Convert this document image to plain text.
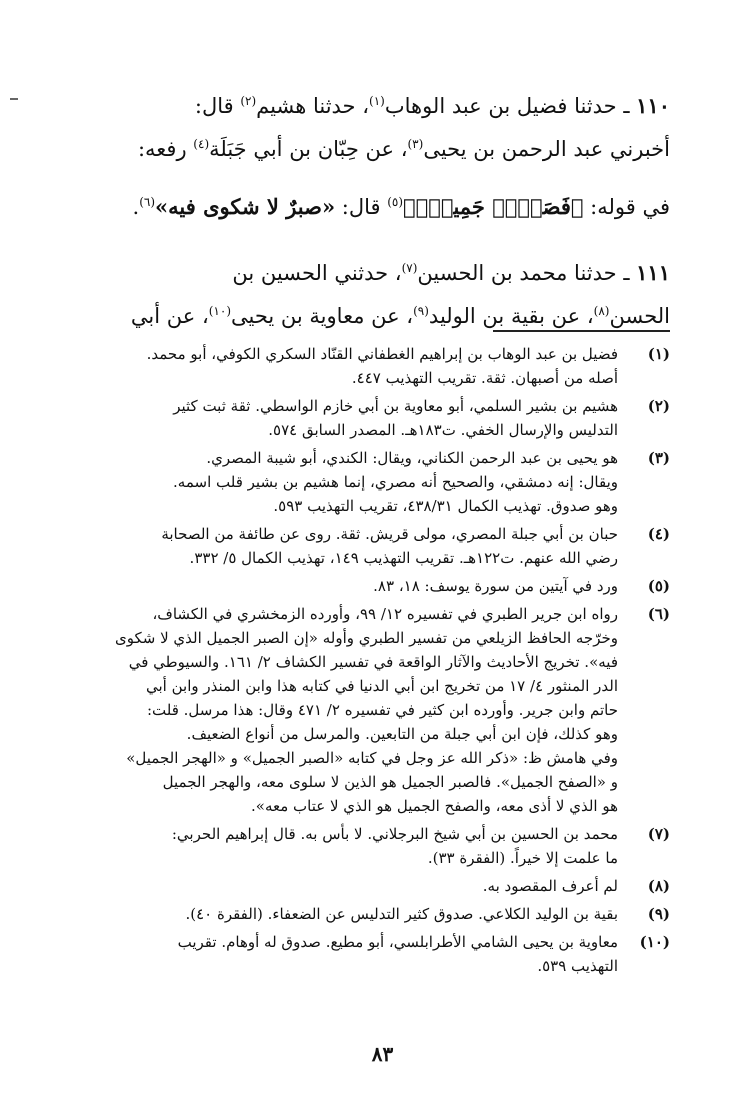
١١٠ ـ حدثنا فضيل بن عبد الوهاب$^{(١)}$، حدثنا هشيم$^{(٢)}$ قال:

أخبرني عبد الرحمن بن يحيى$^{(٣)}$، عن حِبّان بن أبي جَبَلَة$^{(٤)}$ رفعه:

في قوله: ﴿فَصَبۡرٞ جَمِيلٞۖ﴾$^{(٥)}$ قال: «صبرٌ لا شكوى فيه»$^{(٦)}$.

١١١ ـ حدثنا محمد بن الحسين$^{(٧)}$، حدثني الحسين بن

الحسن$^{(٨)}$، عن بقية بن الوليد$^{(٩)}$، عن معاوية بن يحيى$^{(١٠)}$، عن أبي

(١)
فضيل بن عبد الوهاب بن إبراهيم الغطفاني القنّاد السكري الكوفي، أبو محمد.
أصله من أصبهان. ثقة. تقريب التهذيب ٤٤٧.
(٢)
هشيم بن بشير السلمي، أبو معاوية بن أبي خازم الواسطي. ثقة ثبت كثير
التدليس والإرسال الخفي. ت١٨٣هـ. المصدر السابق ٥٧٤.
(٣)
هو يحيى بن عبد الرحمن الكناني، ويقال: الكندي، أبو شيبة المصري.
ويقال: إنه دمشقي، والصحيح أنه مصري، إنما هشيم بن بشير قلب اسمه.
وهو صدوق. تهذيب الكمال ٤٣٨/٣١، تقريب التهذيب ٥٩٣.
(٤)
حبان بن أبي جبلة المصري، مولى قريش. ثقة. روى عن طائفة من الصحابة
رضي الله عنهم. ت١٢٢هـ. تقريب التهذيب ١٤٩، تهذيب الكمال ٥/ ٣٣٢.
(٥)
ورد في آيتين من سورة يوسف: ١٨، ٨٣.
(٦)
رواه ابن جرير الطبري في تفسيره ١٢/ ٩٩، وأورده الزمخشري في الكشاف،
وخرّجه الحافظ الزيلعي من تفسير الطبري وأوله «إن الصبر الجميل الذي لا شكوى
فيه». تخريج الأحاديث والآثار الواقعة في تفسير الكشاف ٢/ ١٦١. والسيوطي في
الدر المنثور ٤/ ١٧ من تخريج ابن أبي الدنيا في كتابه هذا وابن المنذر وابن أبي
حاتم وابن جرير. وأورده ابن كثير في تفسيره ٢/ ٤٧١ وقال: هذا مرسل. قلت:
وهو كذلك، فإن ابن أبي جبلة من التابعين. والمرسل من أنواع الضعيف.
وفي هامش ظ: «ذكر الله عز وجل في كتابه «الصبر الجميل» و «الهجر الجميل»
و «الصفح الجميل». فالصبر الجميل هو الذين لا سلوى معه، والهجر الجميل
هو الذي لا أذى معه، والصفح الجميل هو الذي لا عتاب معه».
(٧)
محمد بن الحسين بن أبي شيخ البرجلاني. لا بأس به. قال إبراهيم الحربي:
ما علمت إلا خيراً. (الفقرة ٣٣).
(٨)
لم أعرف المقصود به.
(٩)
بقية بن الوليد الكلاعي. صدوق كثير التدليس عن الضعفاء. (الفقرة ٤٠).
(١٠)
معاوية بن يحيى الشامي الأطرابلسي، أبو مطيع. صدوق له أوهام. تقريب
التهذيب ٥٣٩.
٨٣
